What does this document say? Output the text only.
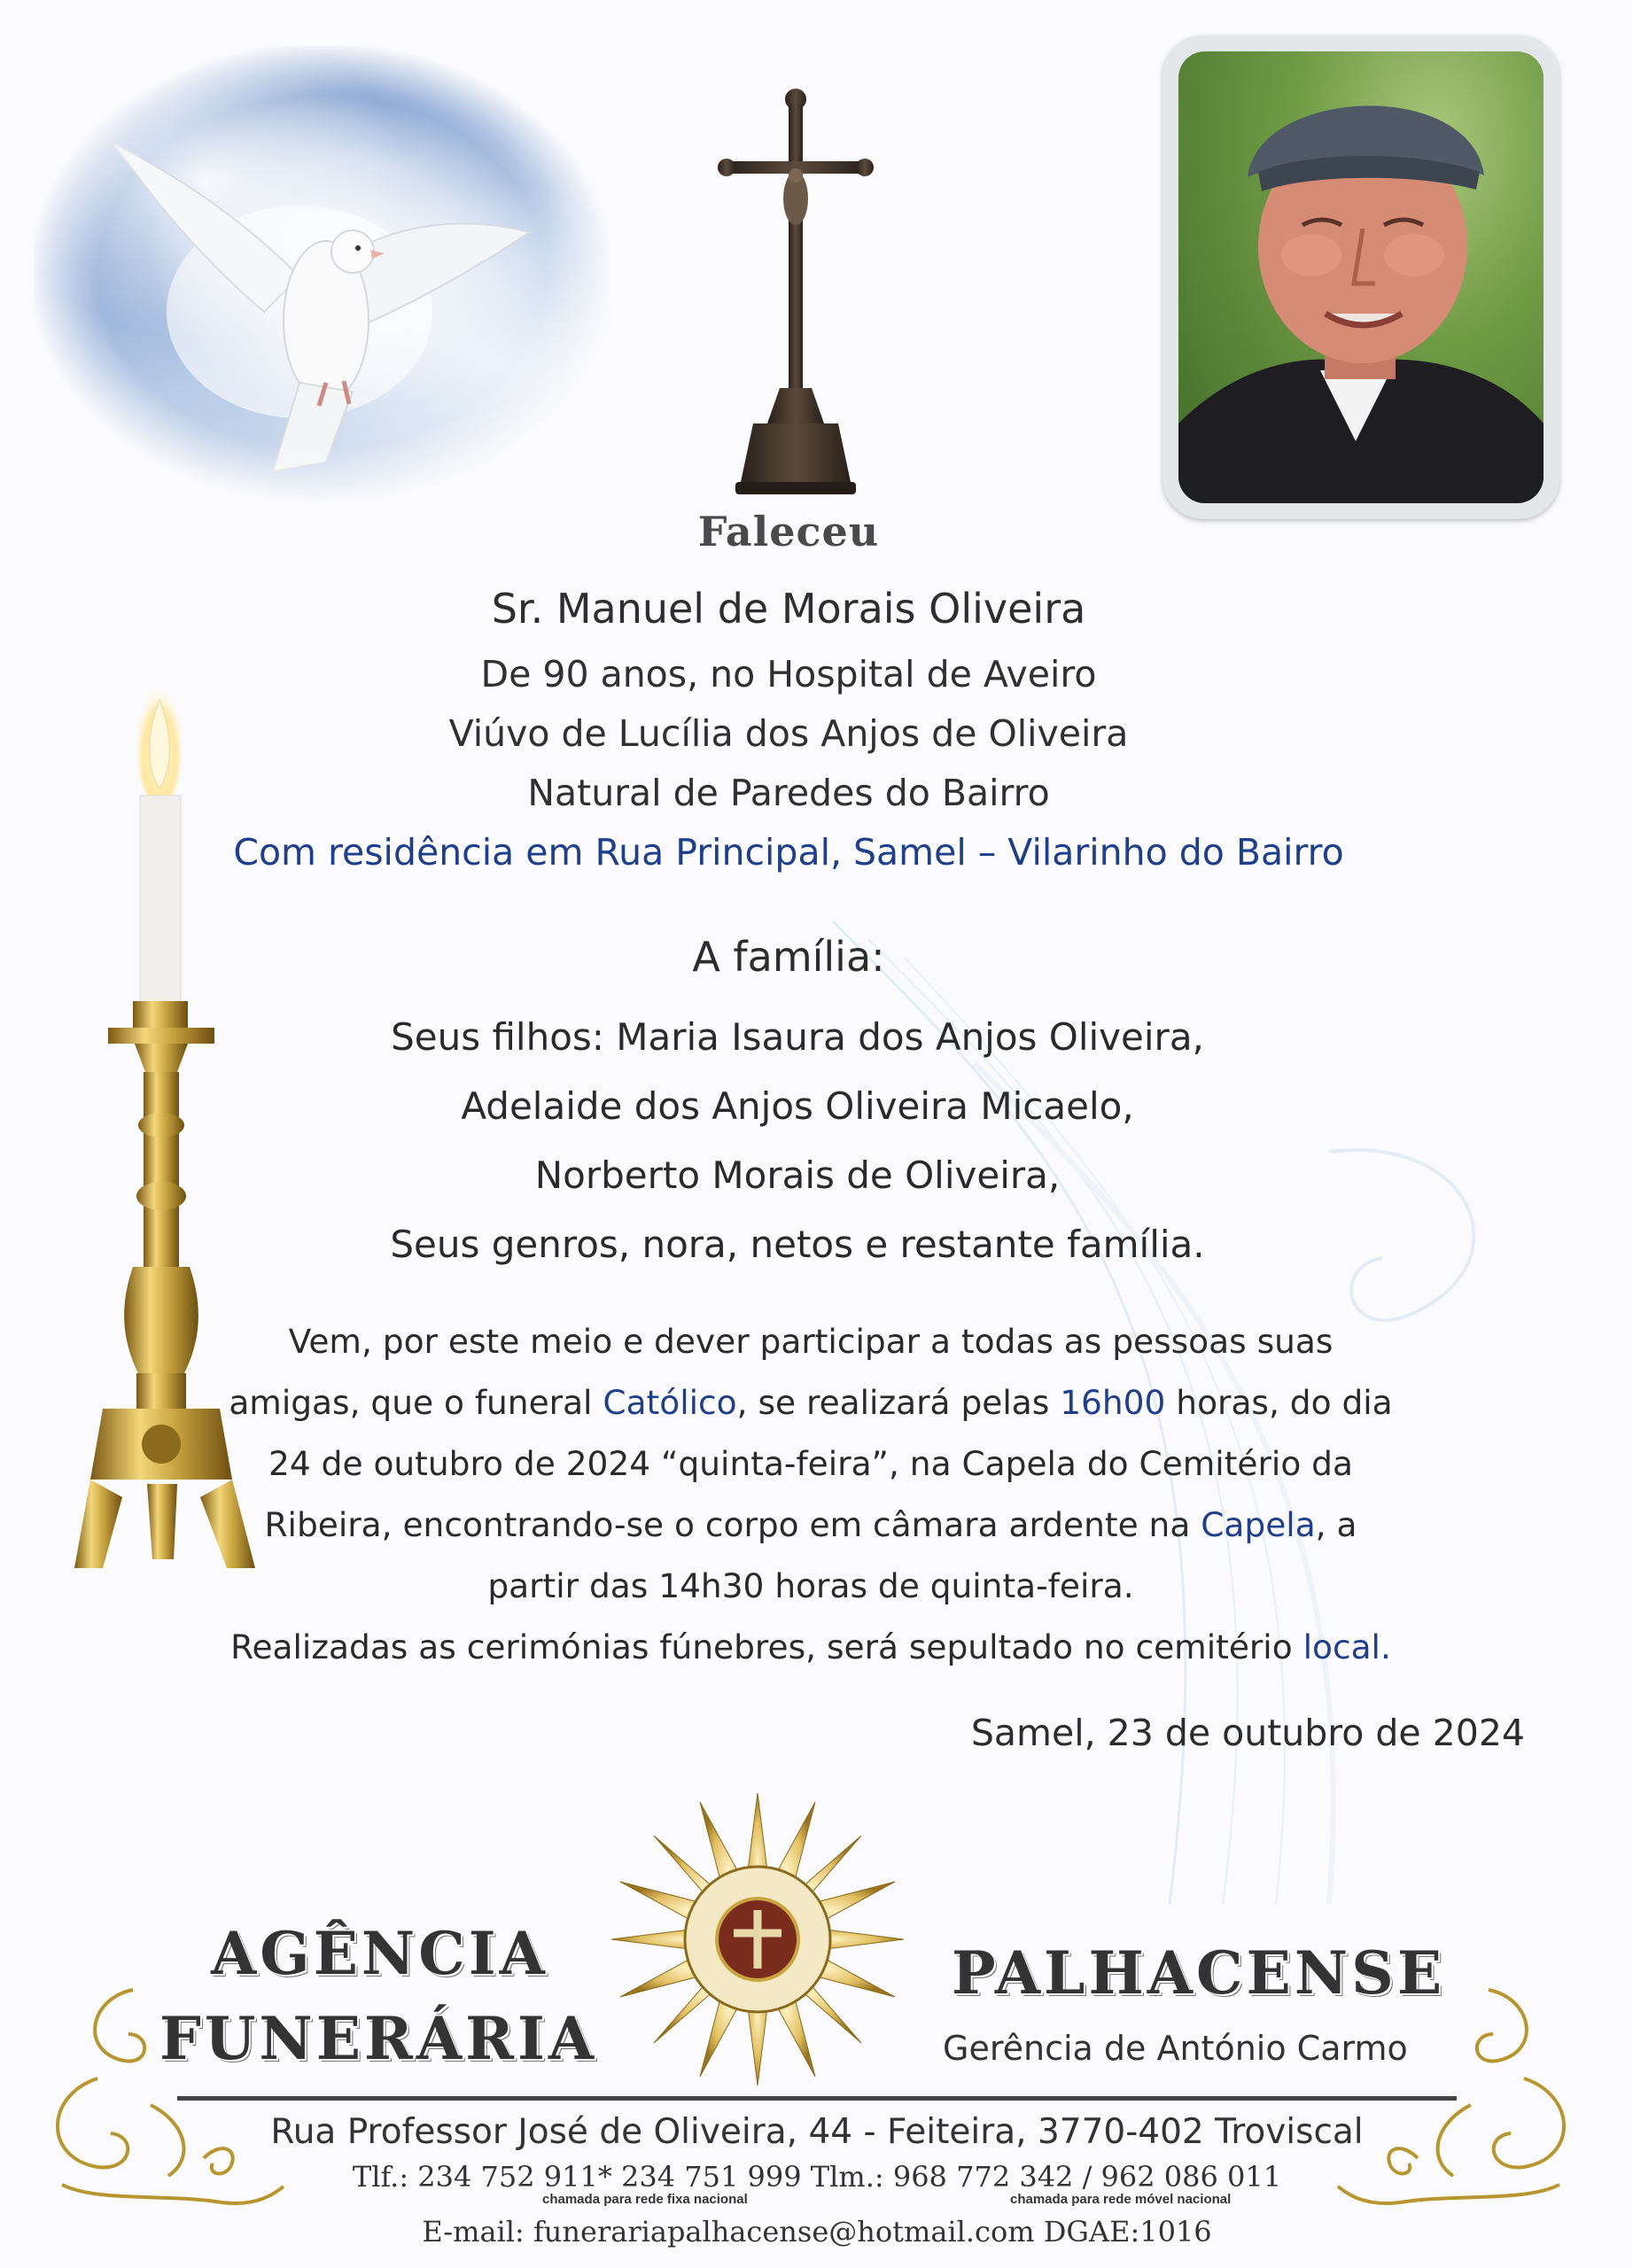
Faleceu
Sr. Manuel de Morais Oliveira
De 90 anos, no Hospital de Aveiro
Viúvo de Lucília dos Anjos de Oliveira
Natural de Paredes do Bairro
Com residência em Rua Principal, Samel – Vilarinho do Bairro
A família:
Seus filhos: Maria Isaura dos Anjos Oliveira,
Adelaide dos Anjos Oliveira Micaelo,
Norberto Morais de Oliveira,
Seus genros, nora, netos e restante família.
Vem, por este meio e dever participar a todas as pessoas suas
amigas, que o funeral Católico, se realizará pelas 16h00 horas, do dia
24 de outubro de 2024 “quinta-feira”, na Capela do Cemitério da
Ribeira, encontrando-se o corpo em câmara ardente na Capela, a
partir das 14h30 horas de quinta-feira.
Realizadas as cerimónias fúnebres, será sepultado no cemitério local.
Samel, 23 de outubro de 2024
AGÊNCIA
FUNERÁRIA
PALHACENSE
Gerência de António Carmo
Rua Professor José de Oliveira, 44 - Feiteira, 3770-402 Troviscal
Tlf.: 234 752 911* 234 751 999 Tlm.: 968 772 342 / 962 086 011
chamada para rede fixa nacional	chamada para rede móvel nacional
E-mail: funerariapalhacense@hotmail.com DGAE:1016
